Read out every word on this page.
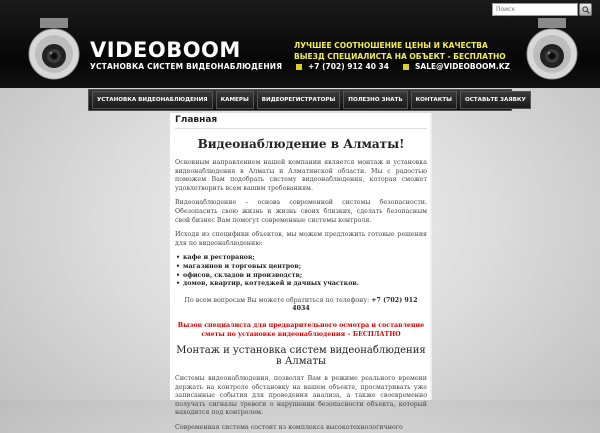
Поиск
VIDEOBOOM
УСТАНОВКА СИСТЕМ ВИДЕОНАБЛЮДЕНИЯ
ЛУЧШЕЕ СООТНОШЕНИЕ ЦЕНЫ И КАЧЕСТВА
ВЫЕЗД СПЕЦИАЛИСТА НА ОБЪЕКТ - БЕСПЛАТНО
+7 (702) 912 40 34	SALE@VIDEOBOOM.KZ
УСТАНОВКА ВИДЕОНАБЛЮДЕНИЯ	КАМЕРЫ	ВИДЕОРЕГИСТРАТОРЫ	ПОЛЕЗНО ЗНАТЬ	КОНТАКТЫ	ОСТАВЬТЕ ЗАЯВКУ
Главная
Видеонаблюдение в Алматы!

Основным направлением нашей компании является монтаж и установка видеонаблюдения в Алматы и Алматинской области. Мы с радостью поможем Вам подобрать систему видеонаблюдения, которая сможет удовлетворить всем вашим требованиям.

Видеонаблюдение – основа современной системы безопасности. Обезопасить свою жизнь и жизнь своих близких, сделать безопасным свой бизнес Вам помогут современные системы контроля.

Исходя из специфики объектов, мы можем предложить готовые решения для по видеонаблюдению:

• кафе и ресторанов;
• магазинов и торговых центров;
• офисов, складов и производств;
• домов, квартир, коттеджей и дачных участков.
По всем вопросам Вы можете обратиться по телефону: +7 (702) 912 4034
Вызов специалиста для предварительного осмотра и составление сметы по установке видеонаблюдения – БЕСПЛАТНО
Монтаж и установка систем видеонаблюдения в Алматы

Системы видеонаблюдения, позволят Вам в режиме реального времени держать на контроле обстановку на вашем объекте, просматривать уже записанные события для проведения анализа, а также своевременно получать сигналы тревоги о нарушении безопасности объекта, который находится под контролем.

Современная система состоит из комплекса высокотехнологичного
